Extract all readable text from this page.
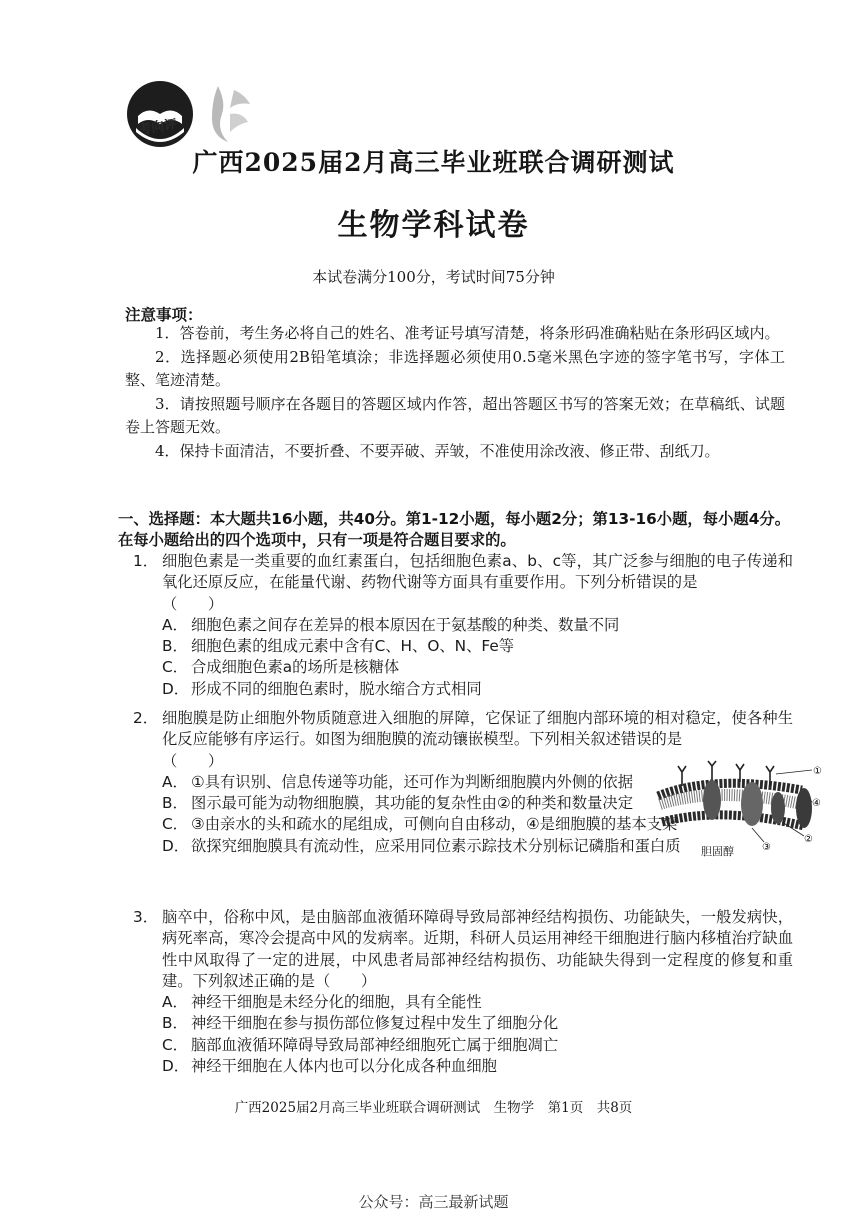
考向评
广西2025届2月高三毕业班联合调研测试
生物学科试卷
本试卷满分100分，考试时间75分钟
注意事项：

1．答卷前，考生务必将自己的姓名、准考证号填写清楚，将条形码准确粘贴在条形码区域内。

2．选择题必须使用2B铅笔填涂；非选择题必须使用0.5毫米黑色字迹的签字笔书写，字体工整、笔迹清楚。

3．请按照题号顺序在各题目的答题区域内作答，超出答题区书写的答案无效；在草稿纸、试题卷上答题无效。

4．保持卡面清洁，不要折叠、不要弄破、弄皱，不准使用涂改液、修正带、刮纸刀。

一、选择题：本大题共16小题，共40分。第1-12小题，每小题2分；第13-16小题，每小题4分。在每小题给出的四个选项中，只有一项是符合题目要求的。
1． 细胞色素是一类重要的血红素蛋白，包括细胞色素a、b、c等，其广泛参与细胞的电子传递和氧化还原反应，在能量代谢、药物代谢等方面具有重要作用。下列分析错误的是
（　　）
A． 细胞色素之间存在差异的根本原因在于氨基酸的种类、数量不同
B． 细胞色素的组成元素中含有C、H、O、N、Fe等
C． 合成细胞色素a的场所是核糖体
D． 形成不同的细胞色素时，脱水缩合方式相同
2． 细胞膜是防止细胞外物质随意进入细胞的屏障，它保证了细胞内部环境的相对稳定，使各种生化反应能够有序运行。如图为细胞膜的流动镶嵌模型。下列相关叙述错误的是
（　　）
A． ①具有识别、信息传递等功能，还可作为判断细胞膜内外侧的依据
B． 图示最可能为动物细胞膜，其功能的复杂性由②的种类和数量决定
C． ③由亲水的头和疏水的尾组成，可侧向自由移动，④是细胞膜的基本支架
D． 欲探究细胞膜具有流动性，应采用同位素示踪技术分别标记磷脂和蛋白质
①
④
②
③
胆固醇
3． 脑卒中，俗称中风，是由脑部血液循环障碍导致局部神经结构损伤、功能缺失，一般发病快，病死率高，寒冷会提高中风的发病率。近期，科研人员运用神经干细胞进行脑内移植治疗缺血性中风取得了一定的进展，中风患者局部神经结构损伤、功能缺失得到一定程度的修复和重建。下列叙述正确的是（　　）
A． 神经干细胞是未经分化的细胞，具有全能性
B． 神经干细胞在参与损伤部位修复过程中发生了细胞分化
C． 脑部血液循环障碍导致局部神经细胞死亡属于细胞凋亡
D． 神经干细胞在人体内也可以分化成各种血细胞
广西2025届2月高三毕业班联合调研测试　生物学　第1页　共8页
公众号：高三最新试题
